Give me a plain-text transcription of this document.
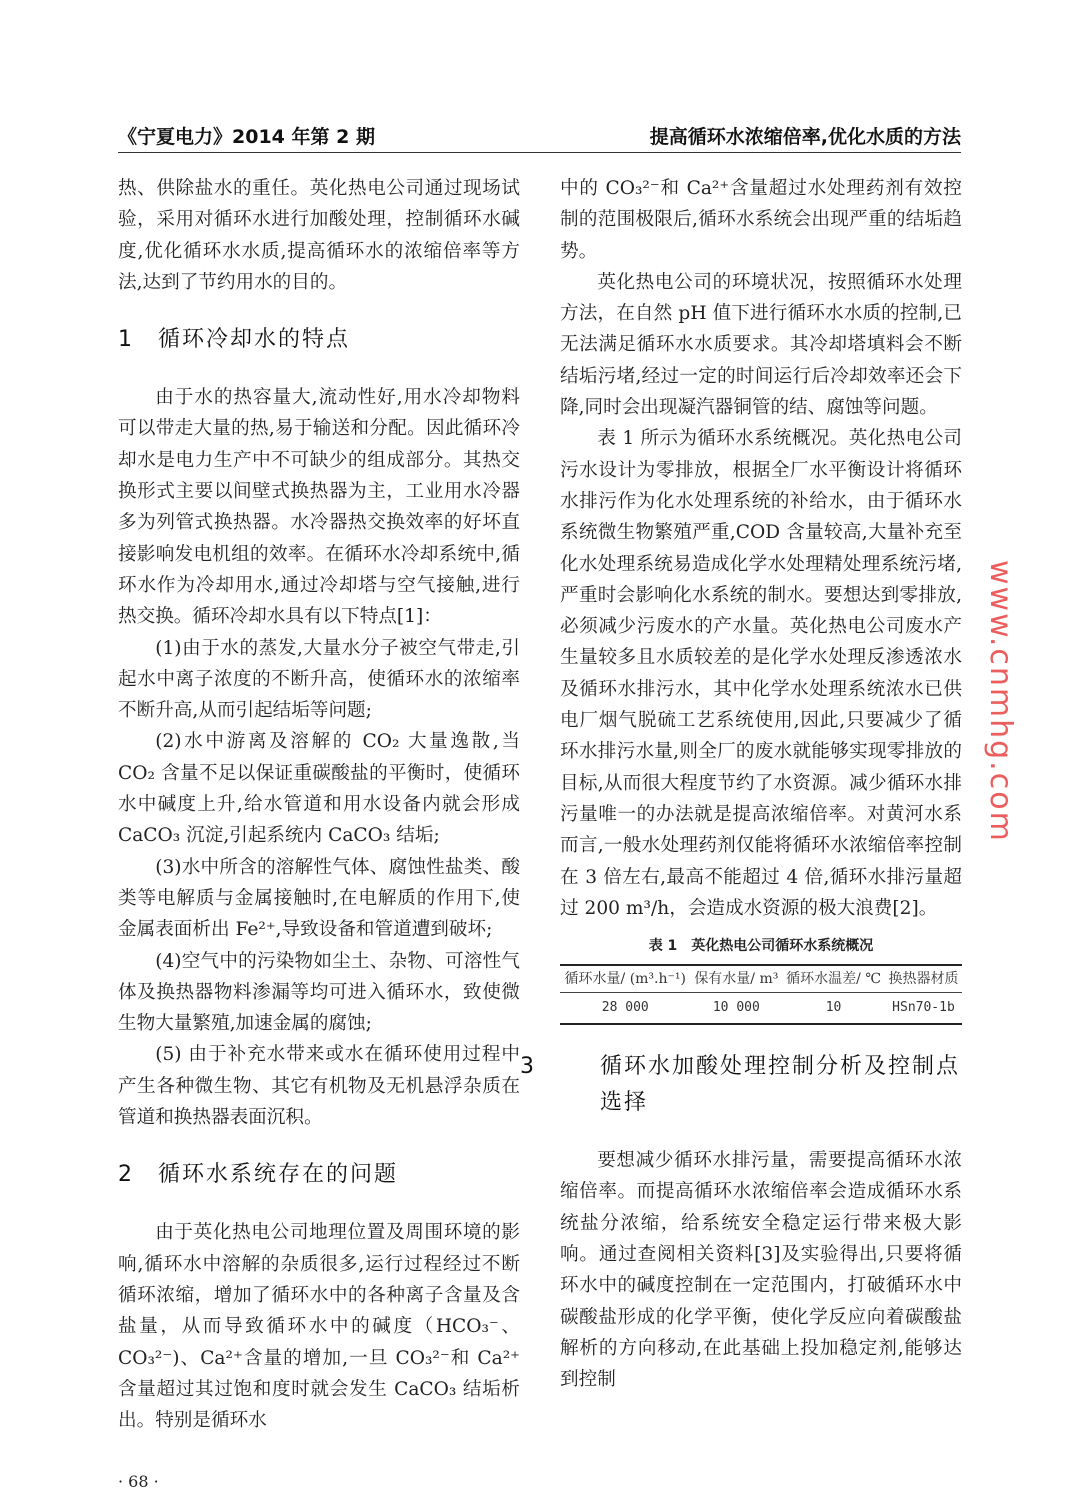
《宁夏电力》2014 年第 2 期	提高循环水浓缩倍率,优化水质的方法

热、供除盐水的重任。英化热电公司通过现场试验，采用对循环水进行加酸处理，控制循环水碱度,优化循环水水质,提高循环水的浓缩倍率等方法,达到了节约用水的目的。

1 循环冷却水的特点

由于水的热容量大,流动性好,用水冷却物料可以带走大量的热,易于输送和分配。因此循环冷却水是电力生产中不可缺少的组成部分。其热交换形式主要以间壁式换热器为主，工业用水冷器多为列管式换热器。水冷器热交换效率的好坏直接影响发电机组的效率。在循环水冷却系统中,循环水作为冷却用水,通过冷却塔与空气接触,进行热交换。循环冷却水具有以下特点[1]：

(1)由于水的蒸发,大量水分子被空气带走,引起水中离子浓度的不断升高，使循环水的浓缩率不断升高,从而引起结垢等问题;

(2)水中游离及溶解的 CO₂ 大量逸散,当 CO₂ 含量不足以保证重碳酸盐的平衡时，使循环水中碱度上升,给水管道和用水设备内就会形成 CaCO₃ 沉淀,引起系统内 CaCO₃ 结垢;

(3)水中所含的溶解性气体、腐蚀性盐类、酸类等电解质与金属接触时,在电解质的作用下,使金属表面析出 Fe²⁺,导致设备和管道遭到破坏;

(4)空气中的污染物如尘土、杂物、可溶性气体及换热器物料渗漏等均可进入循环水，致使微生物大量繁殖,加速金属的腐蚀;

(5) 由于补充水带来或水在循环使用过程中产生各种微生物、其它有机物及无机悬浮杂质在管道和换热器表面沉积。

2 循环水系统存在的问题

由于英化热电公司地理位置及周围环境的影响,循环水中溶解的杂质很多,运行过程经过不断循环浓缩，增加了循环水中的各种离子含量及含盐量，从而导致循环水中的碱度（HCO₃⁻、CO₃²⁻)、Ca²⁺含量的增加,一旦 CO₃²⁻和 Ca²⁺含量超过其过饱和度时就会发生 CaCO₃ 结垢析出。特别是循环水

· 68 ·

中的 CO₃²⁻和 Ca²⁺含量超过水处理药剂有效控制的范围极限后,循环水系统会出现严重的结垢趋势。

英化热电公司的环境状况，按照循环水处理方法，在自然 pH 值下进行循环水水质的控制,已无法满足循环水水质要求。其冷却塔填料会不断结垢污堵,经过一定的时间运行后冷却效率还会下降,同时会出现凝汽器铜管的结、腐蚀等问题。

表 1 所示为循环水系统概况。英化热电公司污水设计为零排放，根据全厂水平衡设计将循环水排污作为化水处理系统的补给水，由于循环水系统微生物繁殖严重,COD 含量较高,大量补充至化水处理系统易造成化学水处理精处理系统污堵,严重时会影响化水系统的制水。要想达到零排放,必须减少污废水的产水量。英化热电公司废水产生量较多且水质较差的是化学水处理反渗透浓水及循环水排污水，其中化学水处理系统浓水已供电厂烟气脱硫工艺系统使用,因此,只要减少了循环水排污水量,则全厂的废水就能够实现零排放的目标,从而很大程度节约了水资源。减少循环水排污量唯一的办法就是提高浓缩倍率。对黄河水系而言,一般水处理药剂仅能将循环水浓缩倍率控制在 3 倍左右,最高不能超过 4 倍,循环水排污量超过 200 m³/h，会造成水资源的极大浪费[2]。

表 1　英化热电公司循环水系统概况
循环水量/ (m³.h⁻¹)	保有水量/ m³	循环水温差/ ℃	换热器材质
28 000	10 000	10	HSn70-1b
3	循环水加酸处理控制分析及控制点选择

要想减少循环水排污量，需要提高循环水浓缩倍率。而提高循环水浓缩倍率会造成循环水系统盐分浓缩，给系统安全稳定运行带来极大影响。通过查阅相关资料[3]及实验得出,只要将循环水中的碱度控制在一定范围内，打破循环水中碳酸盐形成的化学平衡，使化学反应向着碳酸盐解析的方向移动,在此基础上投加稳定剂,能够达到控制

www.cnmhg.com
